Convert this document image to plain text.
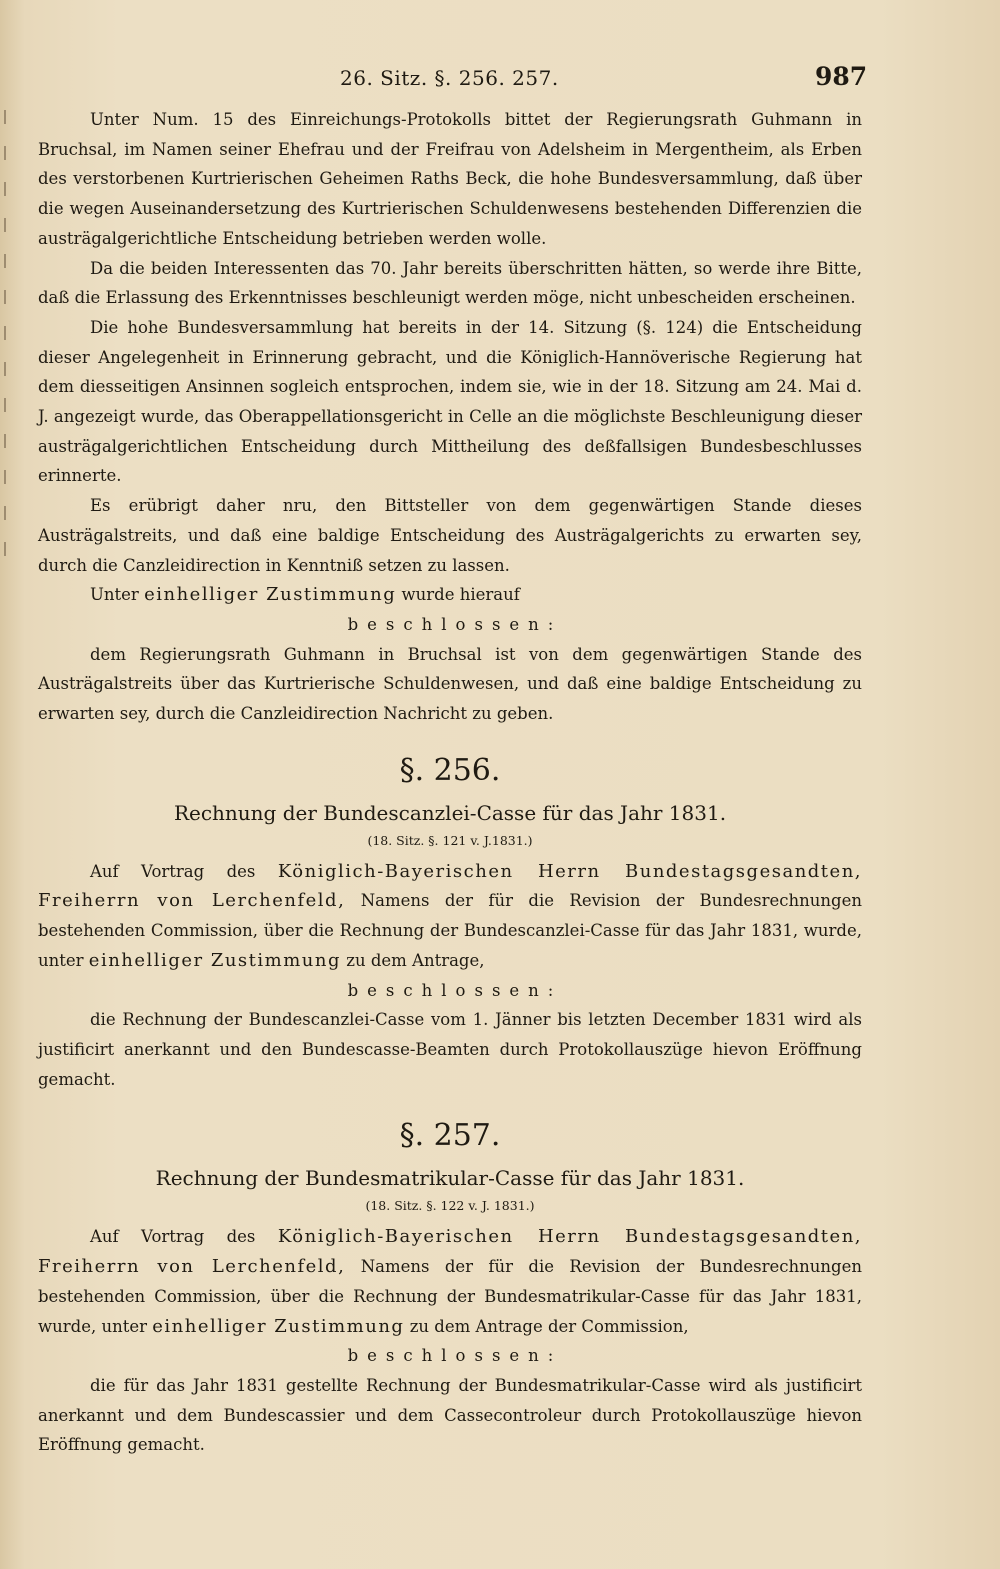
26. Sitz. §. 256. 257.	987

Unter Num. 15 des Einreichungs-Protokolls bittet der Regierungsrath Guhmann in Bruchsal, im Namen seiner Ehefrau und der Freifrau von Adelsheim in Mergentheim, als Erben des verstorbenen Kurtrierischen Geheimen Raths Beck, die hohe Bundesversammlung, daß über die wegen Auseinandersetzung des Kurtrierischen Schuldenwesens bestehenden Differenzien die austrägalgerichtliche Entscheidung betrieben werden wolle.

Da die beiden Interessenten das 70. Jahr bereits überschritten hätten, so werde ihre Bitte, daß die Erlassung des Erkenntnisses beschleunigt werden möge, nicht unbescheiden erscheinen.

Die hohe Bundesversammlung hat bereits in der 14. Sitzung (§. 124) die Entscheidung dieser Angelegenheit in Erinnerung gebracht, und die Königlich-Hannöverische Regierung hat dem diesseitigen Ansinnen sogleich entsprochen, indem sie, wie in der 18. Sitzung am 24. Mai d. J. angezeigt wurde, das Oberappellationsgericht in Celle an die möglichste Beschleunigung dieser austrägalgerichtlichen Entscheidung durch Mittheilung des deßfallsigen Bundesbeschlusses erinnerte.

Es erübrigt daher nru, den Bittsteller von dem gegenwärtigen Stande dieses Austrägalstreits, und daß eine baldige Entscheidung des Austrägalgerichts zu erwarten sey, durch die Canzleidirection in Kenntniß setzen zu lassen.

Unter einhelliger Zustimmung wurde hierauf

beschlossen:

dem Regierungsrath Guhmann in Bruchsal ist von dem gegenwärtigen Stande des Austrägalstreits über das Kurtrierische Schuldenwesen, und daß eine baldige Entscheidung zu erwarten sey, durch die Canzleidirection Nachricht zu geben.

§. 256.
Rechnung der Bundescanzlei-Casse für das Jahr 1831.
(18. Sitz. §. 121 v. J.1831.)

Auf Vortrag des Königlich-Bayerischen Herrn Bundestagsgesandten, Freiherrn von Lerchenfeld, Namens der für die Revision der Bundesrechnungen bestehenden Commission, über die Rechnung der Bundescanzlei-Casse für das Jahr 1831, wurde, unter einhelliger Zustimmung zu dem Antrage,

beschlossen:

die Rechnung der Bundescanzlei-Casse vom 1. Jänner bis letzten December 1831 wird als justificirt anerkannt und den Bundescasse-Beamten durch Protokollauszüge hievon Eröffnung gemacht.

§. 257.
Rechnung der Bundesmatrikular-Casse für das Jahr 1831.
(18. Sitz. §. 122 v. J. 1831.)

Auf Vortrag des Königlich-Bayerischen Herrn Bundestagsgesandten, Freiherrn von Lerchenfeld, Namens der für die Revision der Bundesrechnungen bestehenden Commission, über die Rechnung der Bundesmatrikular-Casse für das Jahr 1831, wurde, unter einhelliger Zustimmung zu dem Antrage der Commission,

beschlossen:

die für das Jahr 1831 gestellte Rechnung der Bundesmatrikular-Casse wird als justificirt anerkannt und dem Bundescassier und dem Cassecontroleur durch Protokollauszüge hievon Eröffnung gemacht.
